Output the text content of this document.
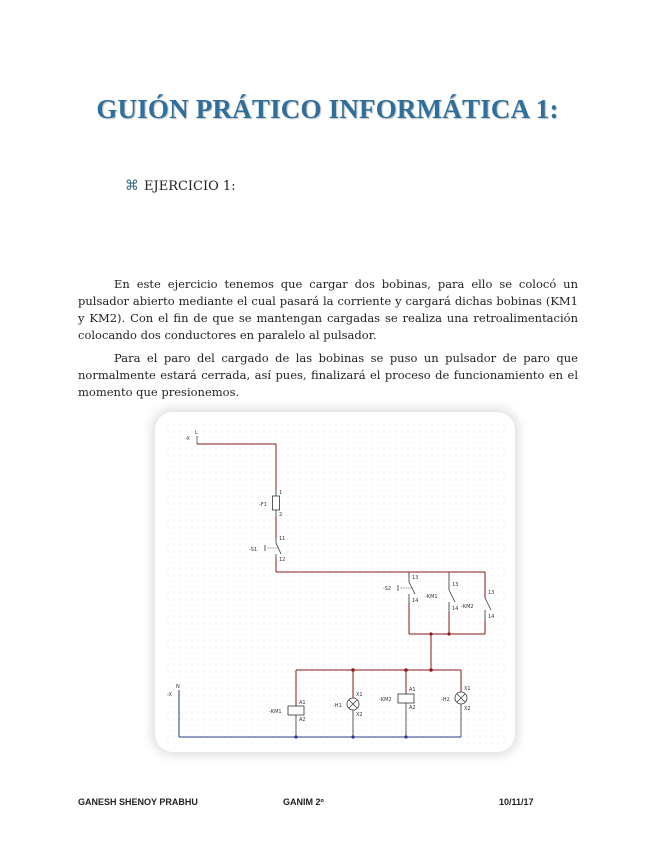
GUIÓN PRÁTICO INFORMÁTICA 1:
⌘ EJERCICIO 1:

En este ejercicio tenemos que cargar dos bobinas, para ello se colocó un pulsador abierto mediante el cual pasará la corriente y cargará dichas bobinas (KM1 y KM2). Con el fin de que se mantengan cargadas se realiza una retroalimentación colocando dos conductores en paralelo al pulsador.

Para el paro del cargado de las bobinas se puso un pulsador de paro que normalmente estará cerrada, así pues, finalizará el proceso de funcionamiento en el momento que presionemos.

-X
L
-F1
1
2
-S1
11
12
-S2
13
14
-KM1
13
14 -KM2
13
14
-KM1
A1
A2
-H1
X1
X2
-KM2
A1
A2
-H2
X1
X2
-X
N
GANESH SHENOY PRABHU	GANIM 2º	10/11/17
